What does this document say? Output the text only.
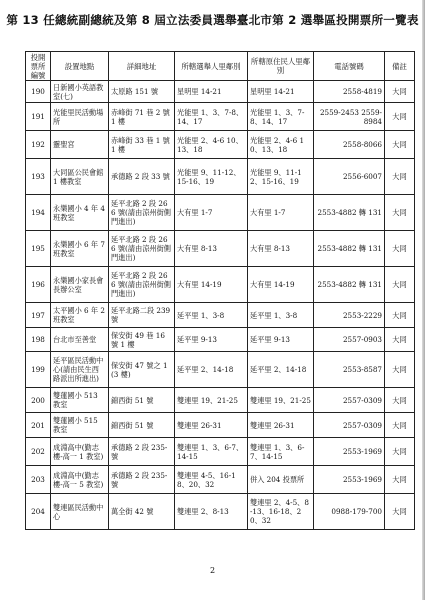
第 13 任總統副總統及第 8 屆立法委員選舉臺北市第 2 選舉區投開票所一覽表
投開票所編號	設置地點	詳細地址	所轄選舉人里鄰別	所轄原住民人里鄰別	電話號碼	備註
190	日新國小英語教室(七)	太原路 151 號	星明里 14-21	星明里 14-21	2558-4819	大同
191	光能里民活動場所	赤峰街 71 巷 2 號 1 樓	光能里 1、3、7-8、14、17	光能里 1、3、7-8、14、17	2559-2453 2559-8984	大同
192	靈聖宮	赤峰街 33 巷 1 號 1 樓	光能里 2、4-6 10、13、18	光能里 2、4-6 10、13、18	2558-8066	大同
193	大同區公民會館 1 樓教室	承德路 2 段 33 號	光能里 9、11-12、15-16、19	光能里 9、11-12、15-16、19	2556-6007	大同
194	永樂國小 4 年 4 班教室	延平北路 2 段 266 號(請由涼州街側門進出)	大有里 1-7	大有里 1-7	2553-4882 轉 131	大同
195	永樂國小 6 年 7 班教室	延平北路 2 段 266 號(請由涼州街側門進出)	大有里 8-13	大有里 8-13	2553-4882 轉 131	大同
196	永樂國小家長會長辦公室	延平北路 2 段 266 號(請由涼州街側門進出)	大有里 14-19	大有里 14-19	2553-4882 轉 131	大同
197	太平國小 6 年 2 班教室	延平北路二段 239 號	延平里 1、3-8	延平里 1、3-8	2553-2229	大同
198	台北市至善堂	保安街 49 巷 16 號 1 樓	延平里 9-13	延平里 9-13	2557-0903	大同
199	延平區民活動中心(請由民生西路派出所進出)	保安街 47 號之 1 (3 樓)	延平里 2、14-18	延平里 2、14-18	2553-8587	大同
200	雙蓮國小 513 教室	錦西街 51 號	雙連里 19、21-25	雙連里 19、21-25	2557-0309	大同
201	雙蓮國小 515 教室	錦西街 51 號	雙連里 26-31	雙連里 26-31	2557-0309	大同
202	成淵高中(勤志樓-高一 1 教室)	承德路 2 段 235- 號	雙連里 1、3、6-7、14-15	雙連里 1、3、6-7、14-15	2553-1969	大同
203	成淵高中(勤志樓-高一 5 教室)	承德路 2 段 235- 號	雙連里 4-5、16-18、20、32	併入 204 投票所	2553-1969	大同
204	雙連區民活動中心	萬全街 42 號	雙連里 2、8-13	雙連里 2、4-5、8-13、16-18、20、32	0988-179-700	大同
2
